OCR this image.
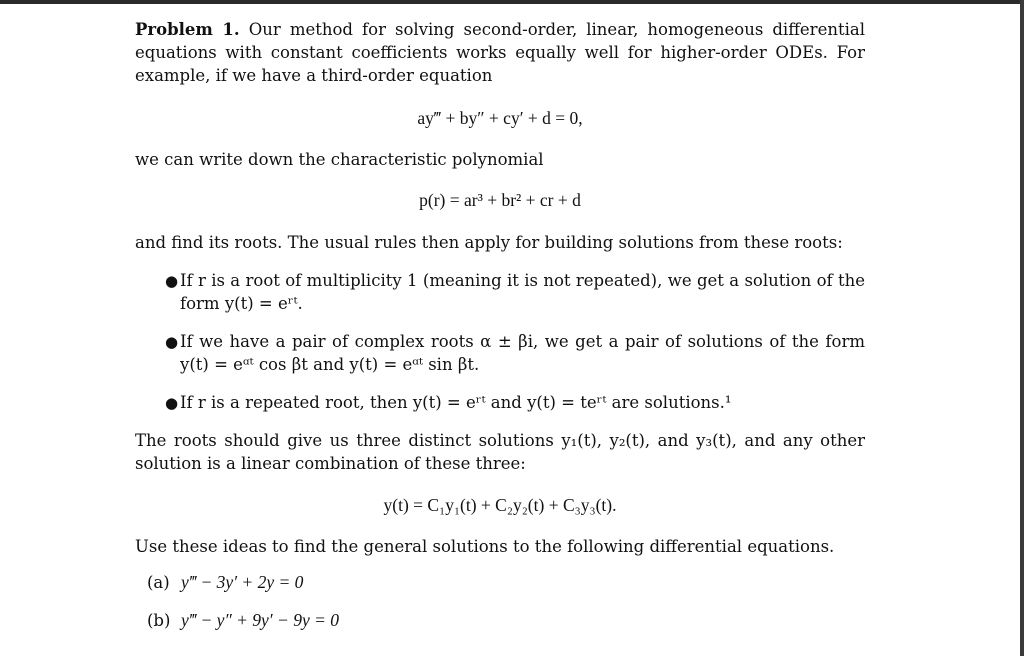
Problem 1. Our method for solving second-order, linear, homogeneous differential equations with constant coefficients works equally well for higher-order ODEs. For example, if we have a third-order equation
ay‴ + by″ + cy′ + d = 0,
we can write down the characteristic polynomial
p(r) = ar³ + br² + cr + d
and find its roots. The usual rules then apply for building solutions from these roots:
● If r is a root of multiplicity 1 (meaning it is not repeated), we get a solution of the form y(t) = eʳᵗ.
● If we have a pair of complex roots α ± βi, we get a pair of solutions of the form y(t) = eᵅᵗ cos βt and y(t) = eᵅᵗ sin βt.
● If r is a repeated root, then y(t) = eʳᵗ and y(t) = teʳᵗ are solutions.¹
The roots should give us three distinct solutions y₁(t), y₂(t), and y₃(t), and any other solution is a linear combination of these three:
y(t) = C₁y₁(t) + C₂y₂(t) + C₃y₃(t).
Use these ideas to find the general solutions to the following differential equations.
(a) y‴ − 3y′ + 2y = 0
(b) y‴ − y″ + 9y′ − 9y = 0
